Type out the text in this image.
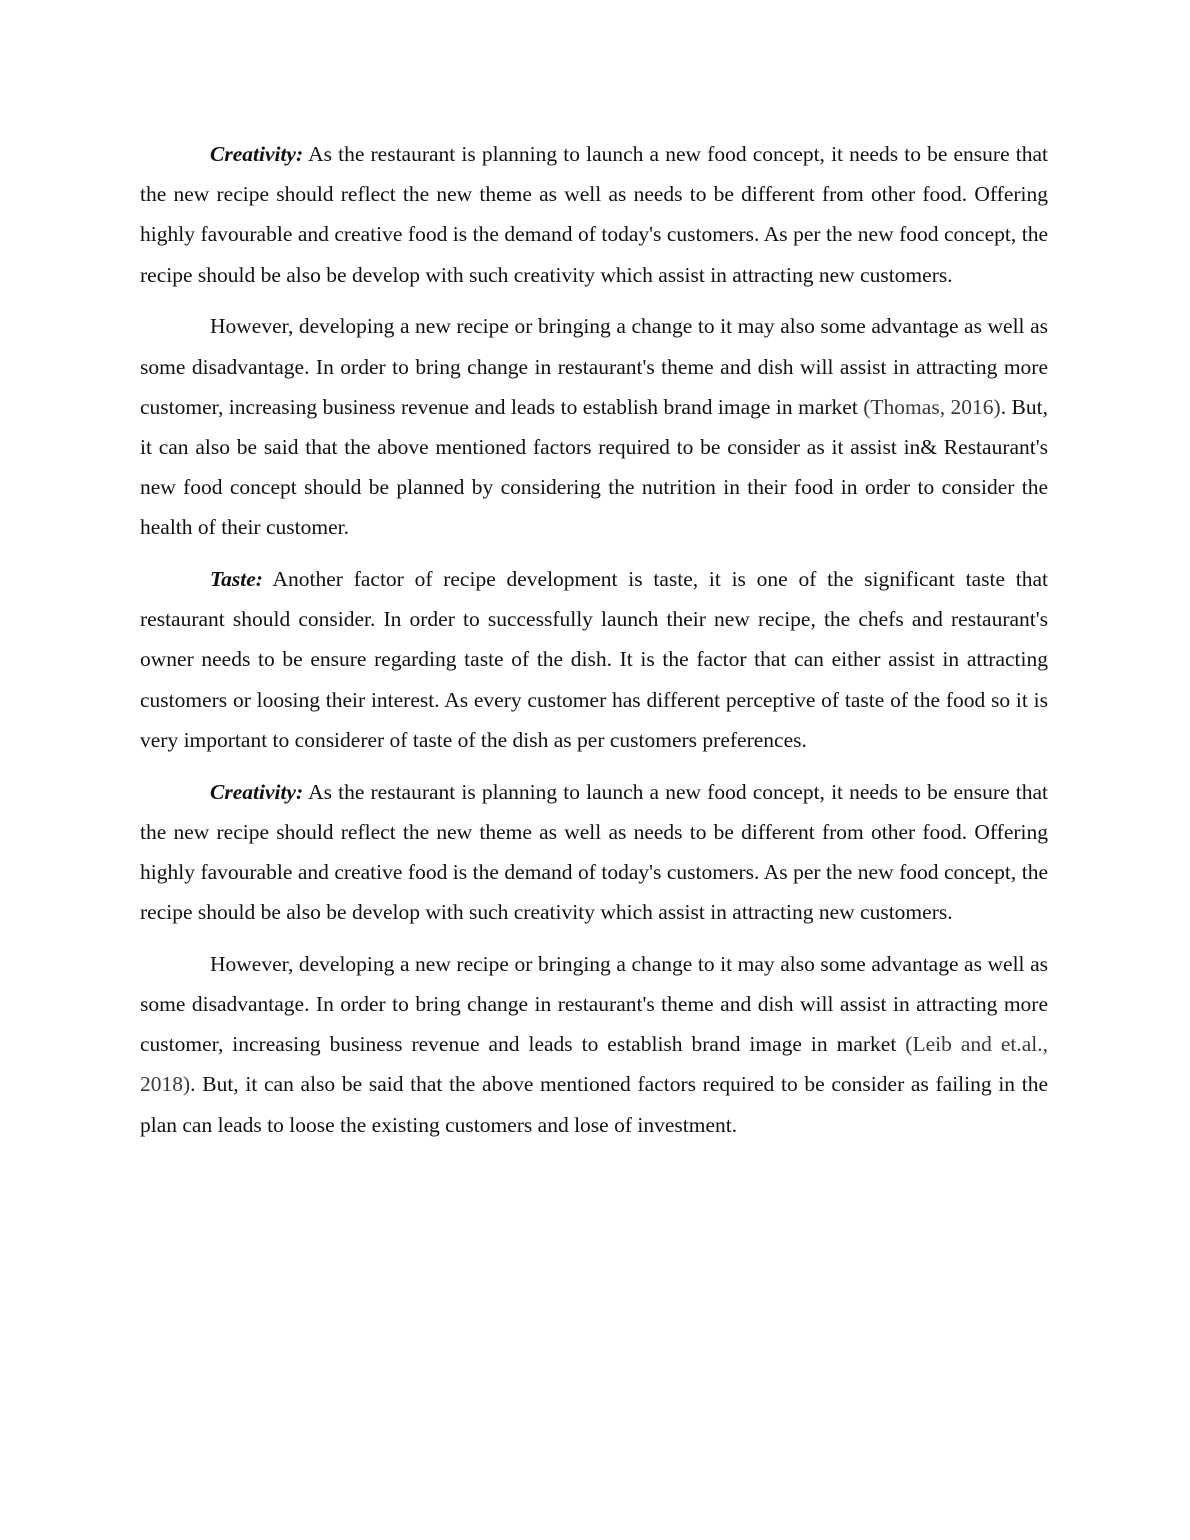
Creativity: As the restaurant is planning to launch a new food concept, it needs to be ensure that the new recipe should reflect the new theme as well as needs to be different from other food. Offering highly favourable and creative food is the demand of today's customers. As per the new food concept, the recipe should be also be develop with such creativity which assist in attracting new customers.

However, developing a new recipe or bringing a change to it may also some advantage as well as some disadvantage. In order to bring change in restaurant's theme and dish will assist in attracting more customer, increasing business revenue and leads to establish brand image in market (Thomas, 2016). But, it can also be said that the above mentioned factors required to be consider as it assist in& Restaurant's new food concept should be planned by considering the nutrition in their food in order to consider the health of their customer.

Taste: Another factor of recipe development is taste, it is one of the significant taste that restaurant should consider. In order to successfully launch their new recipe, the chefs and restaurant's owner needs to be ensure regarding taste of the dish. It is the factor that can either assist in attracting customers or loosing their interest. As every customer has different perceptive of taste of the food so it is very important to considerer of taste of the dish as per customers preferences.

Creativity: As the restaurant is planning to launch a new food concept, it needs to be ensure that the new recipe should reflect the new theme as well as needs to be different from other food. Offering highly favourable and creative food is the demand of today's customers. As per the new food concept, the recipe should be also be develop with such creativity which assist in attracting new customers.

However, developing a new recipe or bringing a change to it may also some advantage as well as some disadvantage. In order to bring change in restaurant's theme and dish will assist in attracting more customer, increasing business revenue and leads to establish brand image in market (Leib and et.al., 2018). But, it can also be said that the above mentioned factors required to be consider as failing in the plan can leads to loose the existing customers and lose of investment.
